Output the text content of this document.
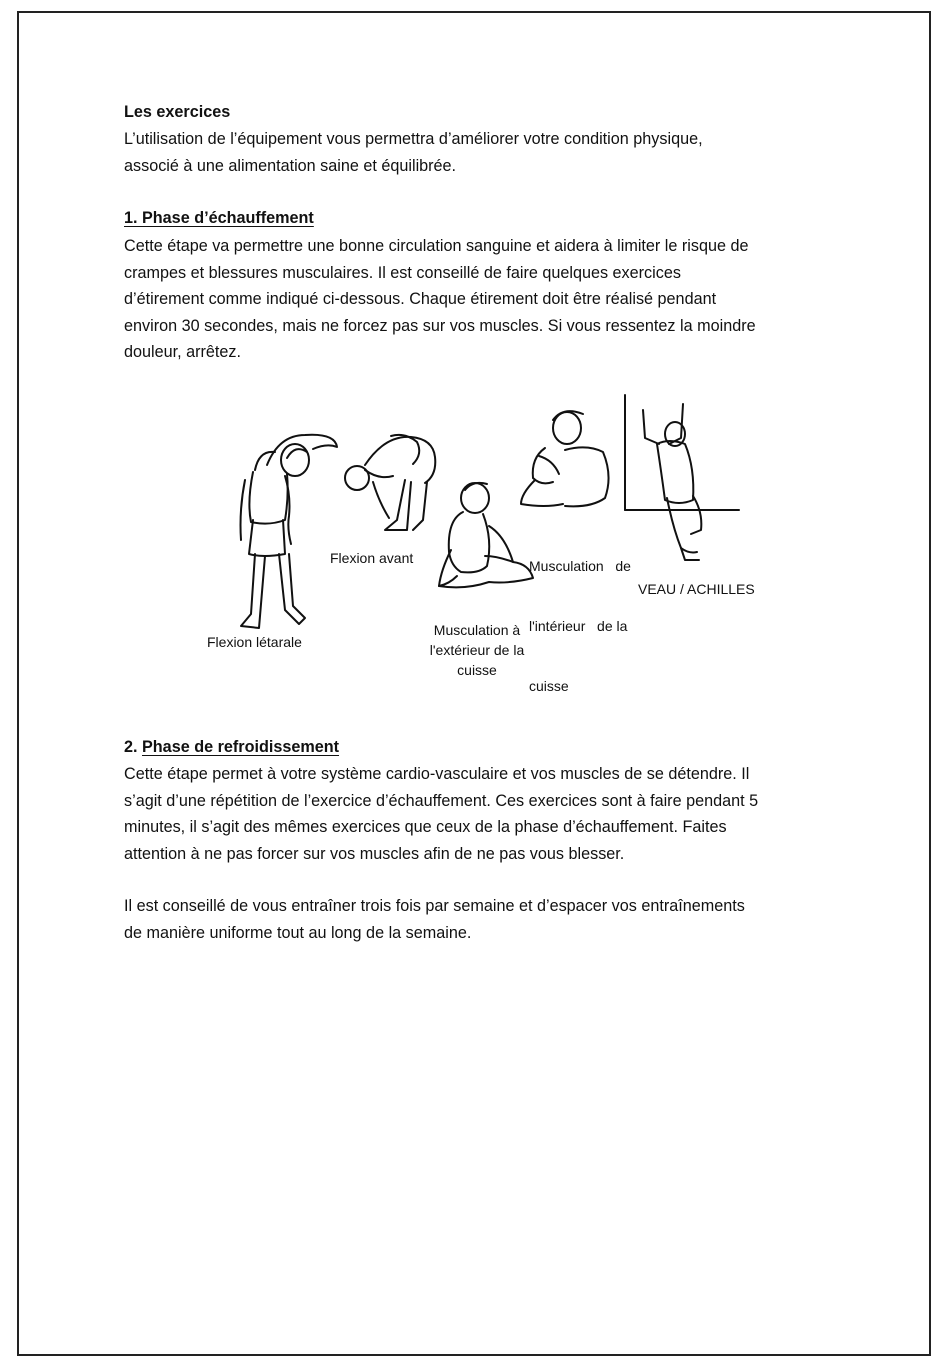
Les exercices

L’utilisation de l’équipement vous permettra d’améliorer votre condition physique,

associé à une alimentation saine et équilibrée.

1. Phase d’échauffement

Cette étape va permettre une bonne circulation sanguine et aidera à limiter le risque de

crampes et blessures musculaires. Il est conseillé de faire quelques exercices

d’étirement comme indiqué ci-dessous. Chaque étirement doit être réalisé pendant

environ 30 secondes, mais ne forcez pas sur vos muscles. Si vous ressentez la moindre

douleur, arrêtez.

Flexion létarale
Flexion avant
Musculation à
l'extérieur de la
cuisse

Musculation   de

l'intérieur   de la

cuisse

VEAU / ACHILLES

2. Phase de refroidissement

Cette étape permet à votre système cardio-vasculaire et vos muscles de se détendre. Il

s’agit d’une répétition de l’exercice d’échauffement. Ces exercices sont à faire pendant 5

minutes, il s’agit des mêmes exercices que ceux de la phase d’échauffement. Faites

attention à ne pas forcer sur vos muscles afin de ne pas vous blesser.

Il est conseillé de vous entraîner trois fois par semaine et d’espacer vos entraînements

de manière uniforme tout au long de la semaine.
